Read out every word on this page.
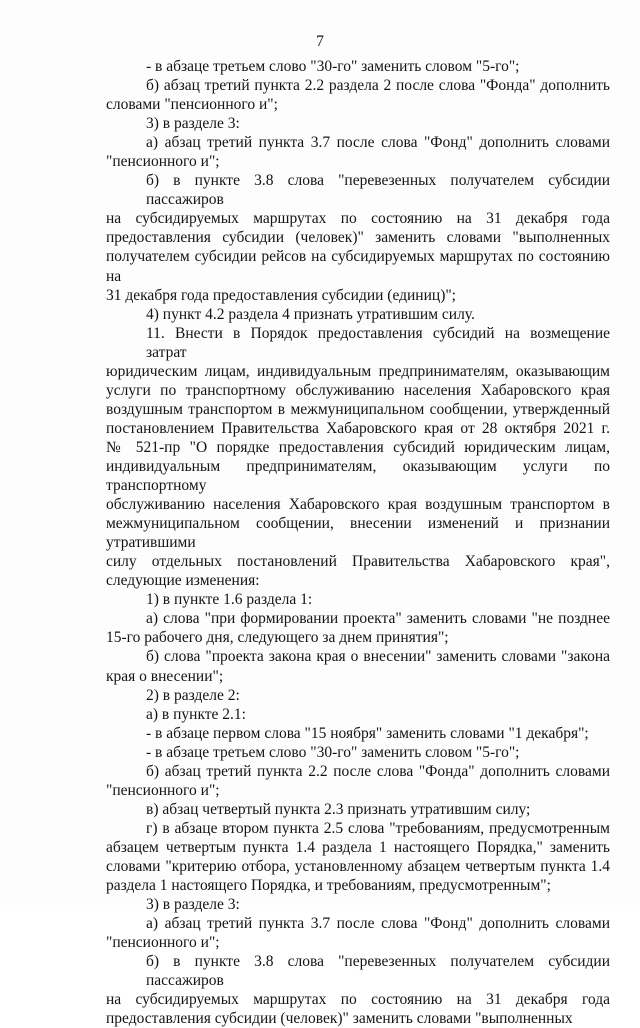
7
- в абзаце третьем слово "30-го" заменить словом "5-го";
б) абзац третий пункта 2.2 раздела 2 после слова "Фонда" дополнить
словами "пенсионного и";
3) в разделе 3:
а) абзац третий пункта 3.7 после слова "Фонд" дополнить словами
"пенсионного и";
б) в пункте 3.8 слова "перевезенных получателем субсидии пассажиров
на субсидируемых маршрутах по состоянию на 31 декабря года
предоставления субсидии (человек)" заменить словами "выполненных
получателем субсидии рейсов на субсидируемых маршрутах по состоянию на
31 декабря года предоставления субсидии (единиц)";
4) пункт 4.2 раздела 4 признать утратившим силу.
11. Внести в Порядок предоставления субсидий на возмещение затрат
юридическим лицам, индивидуальным предпринимателям, оказывающим
услуги по транспортному обслуживанию населения Хабаровского края
воздушным транспортом в межмуниципальном сообщении, утвержденный
постановлением Правительства Хабаровского края от 28 октября 2021 г.
№ 521-пр "О порядке предоставления субсидий юридическим лицам,
индивидуальным предпринимателям, оказывающим услуги по транспортному
обслуживанию населения Хабаровского края воздушным транспортом в
межмуниципальном сообщении, внесении изменений и признании утратившими
силу отдельных постановлений Правительства Хабаровского края",
следующие изменения:
1) в пункте 1.6 раздела 1:
а) слова "при формировании проекта" заменить словами "не позднее
15-го рабочего дня, следующего за днем принятия";
б) слова "проекта закона края о внесении" заменить словами "закона
края о внесении";
2) в разделе 2:
а) в пункте 2.1:
- в абзаце первом слова "15 ноября" заменить словами "1 декабря";
- в абзаце третьем слово "30-го" заменить словом "5-го";
б) абзац третий пункта 2.2 после слова "Фонда" дополнить словами
"пенсионного и";
в) абзац четвертый пункта 2.3 признать утратившим силу;
г) в абзаце втором пункта 2.5 слова "требованиям, предусмотренным
абзацем четвертым пункта 1.4 раздела 1 настоящего Порядка," заменить
словами "критерию отбора, установленному абзацем четвертым пункта 1.4
раздела 1 настоящего Порядка, и требованиям, предусмотренным";
3) в разделе 3:
а) абзац третий пункта 3.7 после слова "Фонд" дополнить словами
"пенсионного и";
б) в пункте 3.8 слова "перевезенных получателем субсидии пассажиров
на субсидируемых маршрутах по состоянию на 31 декабря года
предоставления субсидии (человек)" заменить словами "выполненных
